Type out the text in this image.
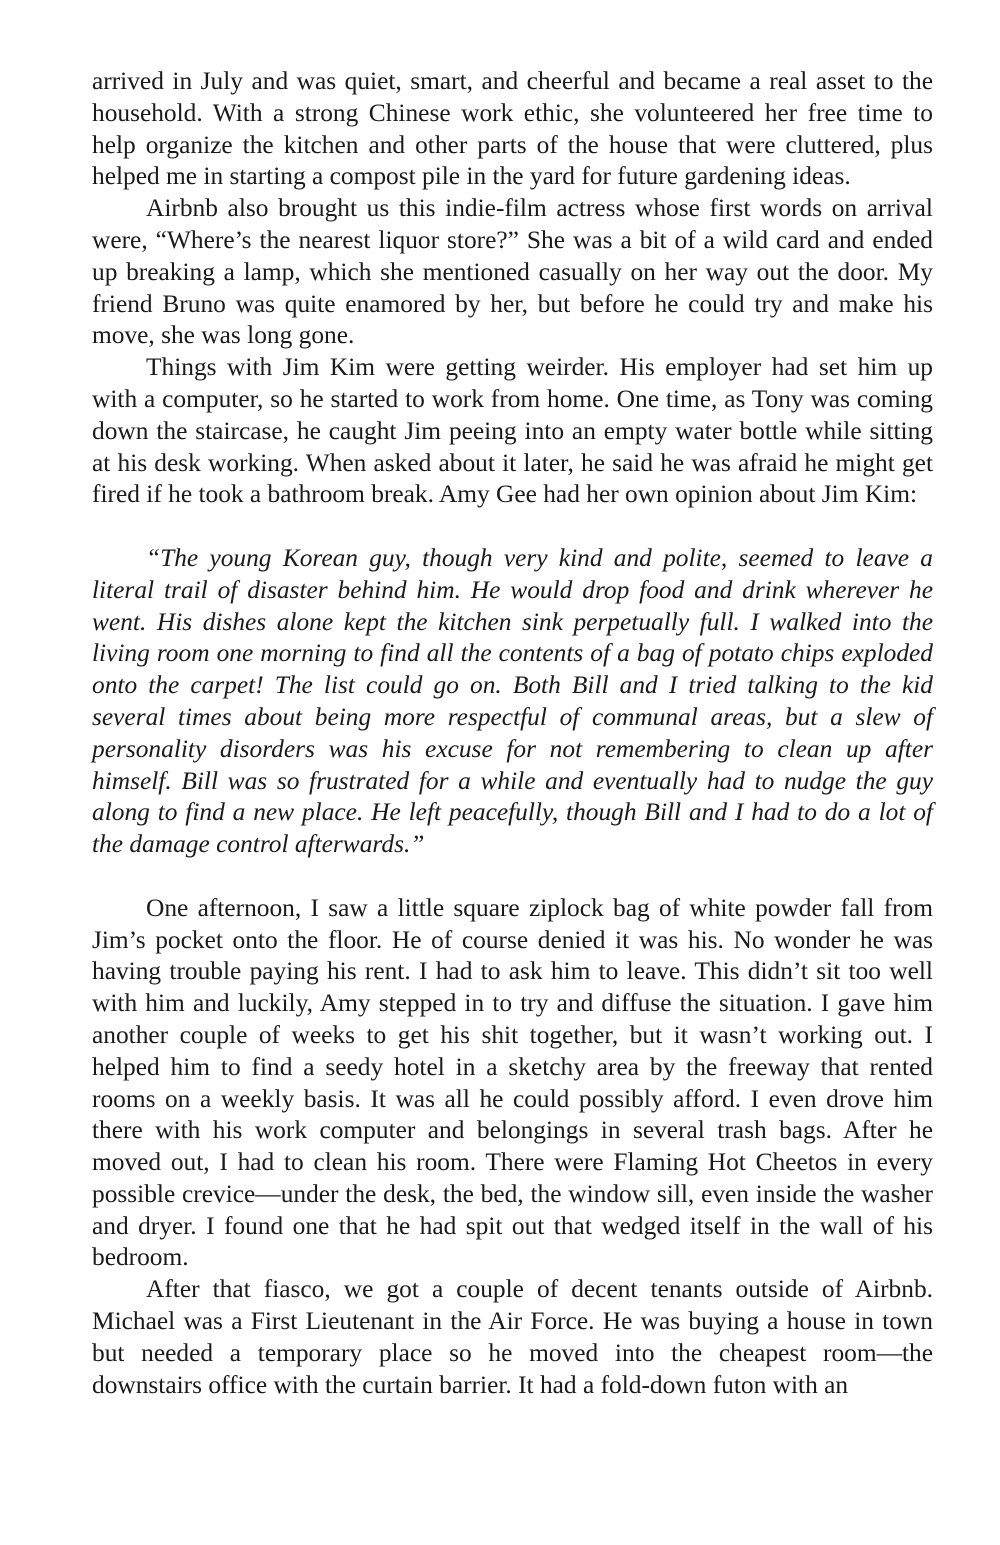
arrived in July and was quiet, smart, and cheerful and became a real asset to the household. With a strong Chinese work ethic, she volunteered her free time to help organize the kitchen and other parts of the house that were cluttered, plus helped me in starting a compost pile in the yard for future gardening ideas.

Airbnb also brought us this indie-film actress whose first words on arrival were, “Where’s the nearest liquor store?” She was a bit of a wild card and ended up breaking a lamp, which she mentioned casually on her way out the door. My friend Bruno was quite enamored by her, but before he could try and make his move, she was long gone.

Things with Jim Kim were getting weirder. His employer had set him up with a computer, so he started to work from home. One time, as Tony was coming down the staircase, he caught Jim peeing into an empty water bottle while sitting at his desk working. When asked about it later, he said he was afraid he might get fired if he took a bathroom break. Amy Gee had her own opinion about Jim Kim:

“The young Korean guy, though very kind and polite, seemed to leave a literal trail of disaster behind him. He would drop food and drink wherever he went. His dishes alone kept the kitchen sink perpetually full. I walked into the living room one morning to find all the contents of a bag of potato chips exploded onto the carpet! The list could go on. Both Bill and I tried talking to the kid several times about being more respectful of communal areas, but a slew of personality disorders was his excuse for not remembering to clean up after himself. Bill was so frustrated for a while and eventually had to nudge the guy along to find a new place. He left peacefully, though Bill and I had to do a lot of the damage control afterwards.”

One afternoon, I saw a little square ziplock bag of white powder fall from Jim’s pocket onto the floor. He of course denied it was his. No wonder he was having trouble paying his rent. I had to ask him to leave. This didn’t sit too well with him and luckily, Amy stepped in to try and diffuse the situation. I gave him another couple of weeks to get his shit together, but it wasn’t working out. I helped him to find a seedy hotel in a sketchy area by the freeway that rented rooms on a weekly basis. It was all he could possibly afford. I even drove him there with his work computer and belongings in several trash bags. After he moved out, I had to clean his room. There were Flaming Hot Cheetos in every possible crevice—under the desk, the bed, the window sill, even inside the washer and dryer. I found one that he had spit out that wedged itself in the wall of his bedroom.

After that fiasco, we got a couple of decent tenants outside of Airbnb. Michael was a First Lieutenant in the Air Force. He was buying a house in town but needed a temporary place so he moved into the cheapest room—the downstairs office with the curtain barrier. It had a fold-down futon with an
